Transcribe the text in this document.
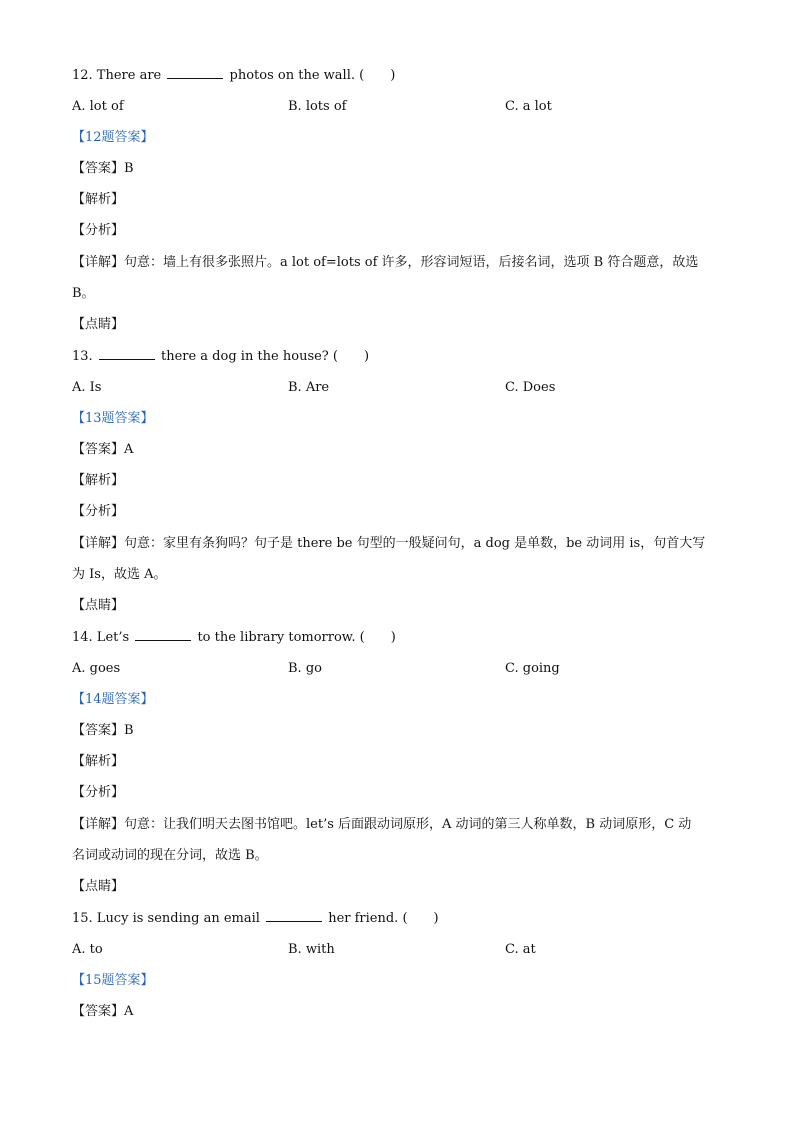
12. There are	photos on the wall. (　　)
A. lot of	B. lots of	C. a lot
【12题答案】
【答案】B
【解析】
【分析】
【详解】句意：墙上有很多张照片。a lot of=lots of 许多，形容词短语，后接名词，选项 B 符合题意，故选
B。
【点睛】
13.	there a dog in the house? (　　)
A. Is	B. Are	C. Does
【13题答案】
【答案】A
【解析】
【分析】
【详解】句意：家里有条狗吗？句子是 there be 句型的一般疑问句，a dog 是单数，be 动词用 is，句首大写
为 Is，故选 A。
【点睛】
14. Let’s	to the library tomorrow. (　　)
A. goes	B. go	C. going
【14题答案】
【答案】B
【解析】
【分析】
【详解】句意：让我们明天去图书馆吧。let’s 后面跟动词原形，A 动词的第三人称单数，B 动词原形，C 动
名词或动词的现在分词，故选 B。
【点睛】
15. Lucy is sending an email	her friend. (　　)
A. to	B. with	C. at
【15题答案】
【答案】A
